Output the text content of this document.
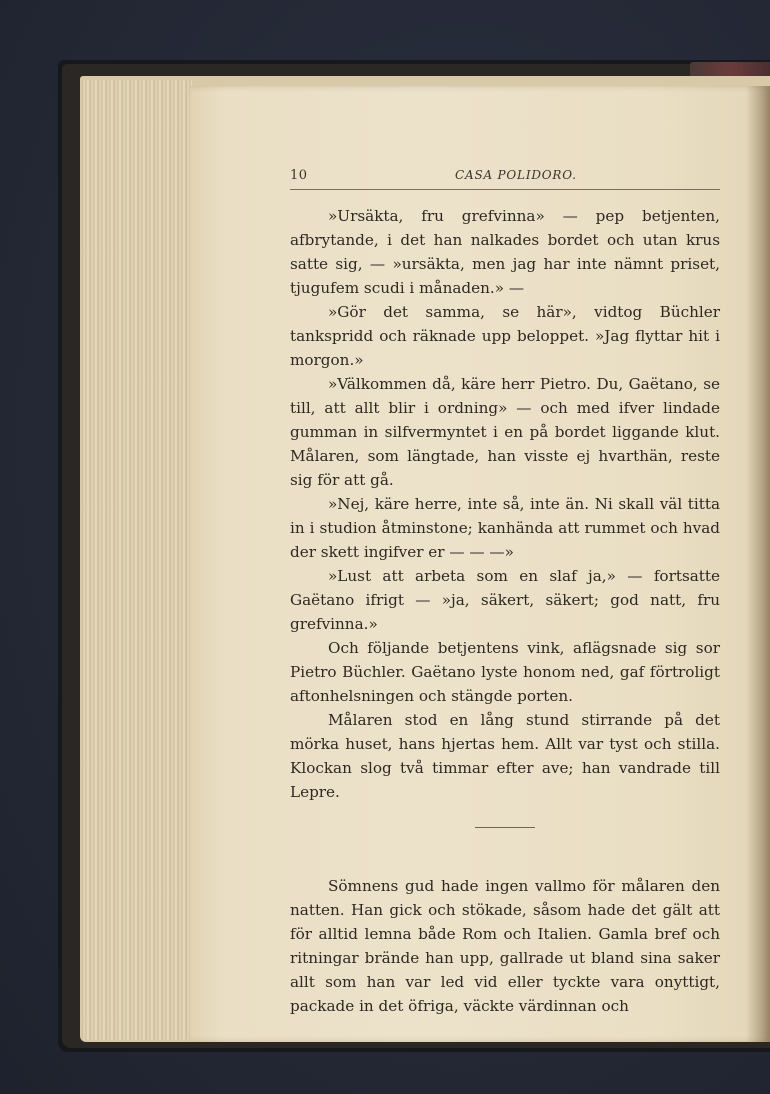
10	CASA POLIDORO.

»Ursäkta, fru grefvinna» — pep betjenten, afbrytande, i det han nalkades bordet och utan krus satte sig, — »ursäkta, men jag har inte nämnt priset, tjugufem scudi i månaden.» —

»Gör det samma, se här», vidtog Büchler tankspridd och räknade upp beloppet. »Jag flyttar hit i morgon.»

»Välkommen då, käre herr Pietro. Du, Gaëtano, se till, att allt blir i ordning» — och med ifver lindade gumman in silfvermyntet i en på bordet liggande klut. Målaren, som längtade, han visste ej hvarthän, reste sig för att gå.

»Nej, käre herre, inte så, inte än. Ni skall väl titta in i studion åtminstone; kanhända att rummet och hvad der skett ingifver er — — —»

»Lust att arbeta som en slaf ja,» — fortsatte Gaëtano ifrigt — »ja, säkert, säkert; god natt, fru grefvinna.»

Och följande betjentens vink, aflägsnade sig sor Pietro Büchler. Gaëtano lyste honom ned, gaf förtroligt aftonhelsningen och stängde porten.

Målaren stod en lång stund stirrande på det mörka huset, hans hjertas hem. Allt var tyst och stilla. Klockan slog två timmar efter ave; han vandrade till Lepre.

Sömnens gud hade ingen vallmo för målaren den natten. Han gick och stökade, såsom hade det gält att för alltid lemna både Rom och Italien. Gamla bref och ritningar brände han upp, gallrade ut bland sina saker allt som han var led vid eller tyckte vara onyttigt, packade in det öfriga, väckte värdinnan och
